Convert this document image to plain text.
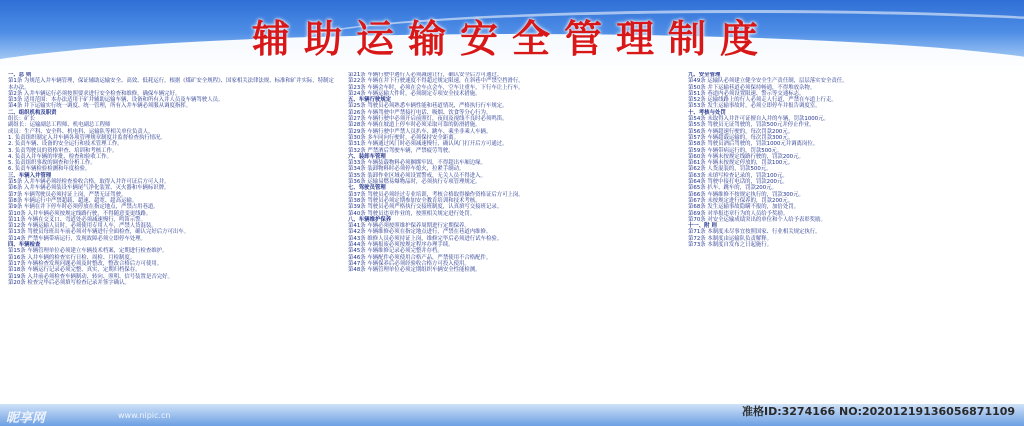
辅助运输安全管理制度

一、总 则

第1条 为规范入井车辆管理，保证辅助运输安全、高效、低耗运行，根据《煤矿安全规程》、国家相关法律法规、标准和矿井实际，特制定本办法。

第2条 入井车辆运行必须按照要求进行安全检查和维修，确保车辆完好。

第3条 适用范围：本办法适用于矿井辅助运输车辆、设备和所有入井人员及车辆驾驶人员。

第4条 井下运输实行统一调度、统一管理，所有入井车辆必须服从调度指挥。

二、组织机构及职责

组长：矿长

副组长：运输副总工程师、机电副总工程师

成员：生产科、安全科、机电科、运输队等相关单位负责人。

1. 负责组织制定入井车辆各项管理规章制度并监督检查执行情况。

2. 负责车辆、设备的安全运行和技术管理工作。

3. 负责驾驶员的资格审查、培训和考核工作。

4. 负责入井车辆的审批、检查和验收工作。

5. 负责组织事故的调查和分析工作。

6. 负责车辆检验检测和年度检验。

三、车辆入井管理

第5条 入井车辆必须经检查验收合格，取得入井许可证后方可入井。

第6条 入井车辆必须装设车辆尾气净化装置、灭火器和车辆标识牌。

第7条 车辆驾驶员必须持证上岗，严禁无证驾驶。

第8条 车辆运行中严禁超载、超速、超宽、超高运输。

第9条 车辆在井下停车时必须停放在指定地点，严禁占用巷道。

第10条 入井车辆必须按规定线路行驶，不得随意变更线路。

第11条 车辆在交叉口、弯道处必须减速慢行，鸣笛示警。

第12条 车辆运输人员时，必须使用专用人车，严禁人货混装。

第13条 驾驶员每班出车前必须对车辆进行全面检查，确认完好后方可出车。

第14条 严禁车辆带病运行，发现故障必须立即停车处理。

四、车辆检查

第15条 车辆管理单位必须建立车辆技术档案，定期进行检查维护。

第16条 入井车辆的检查实行日检、周检、月检制度。

第17条 车辆检查发现问题必须及时整改，整改合格后方可使用。

第18条 车辆运行记录必须完整、真实，定期归档保存。

第19条 入井前必须检查车辆制动、转向、照明、信号装置是否完好。

第20条 检查完毕后必须填写检查记录并签字确认。

第21条 车辆行驶中遇行人必须减速让行，确认安全后方可通过。

第22条 车辆在井下行驶速度不得超过规定限速，在斜巷中严禁空挡滑行。

第23条 车辆会车时，必须在会车点会车，空车让重车，下行车让上行车。

第24条 车辆运输大件时，必须制定专项安全技术措施。

五、车辆行驶规定

第25条 驾驶员必须熟悉车辆性能和巷道情况，严格执行行车规定。

第26条 车辆驾驶中严禁接打电话、吸烟、饮食等分心行为。

第27条 车辆行驶中必须开启前照灯，夜间及视线不良时必须鸣笛。

第28条 车辆在坡道上停车时必须采取可靠的防滑措施。

第29条 车辆行驶中严禁人员扒车、跳车、乘坐非乘人车辆。

第30条 多车同向行驶时，必须保持安全距离。

第31条 车辆通过风门时必须减速慢行，确认风门打开后方可通过。

第32条 严禁酒后驾驶车辆，严禁疲劳驾驶。

六、装卸车管理

第33条 车辆装载物料必须捆绑牢固，不得超出车厢边缘。

第34条 装卸物料时必须停车熄火，拉紧手制动。

第35条 装卸作业区域必须设置警戒，无关人员不得进入。

第36条 运输易燃易爆物品时，必须执行专项管理规定。

七、驾驶员管理

第37条 驾驶员必须经过专业培训，考核合格取得操作资格证后方可上岗。

第38条 驾驶员必须定期参加安全教育培训和技术考核。

第39条 驾驶员必须严格执行交接班制度，认真填写交接班记录。

第40条 驾驶员违章作业的，按照相关规定进行处罚。

八、车辆维护保养

第41条 车辆必须按照维护保养周期进行定期保养。

第42条 车辆维修必须在指定地点进行，严禁在巷道内维修。

第43条 维修人员必须持证上岗，维修完毕后必须进行试车检验。

第44条 车辆报废必须按规定程序办理手续。

第45条 车辆维修记录必须完整并存档。

第46条 车辆配件必须使用合格产品，严禁使用不合格配件。

第47条 车辆保养后必须经验收合格方可投入使用。

第48条 车辆管理单位必须定期组织车辆安全性能检测。

九、安全管理

第49条 运输队必须建立健全安全生产责任制，层层落实安全责任。

第50条 井下运输巷道必须保持畅通，不得堆放杂物。

第51条 巷道内必须设置限速、警示等交通标志。

第52条 运输线路上的行人必须走人行道，严禁在车道上行走。

第53条 发生运输事故时，必须立即停车并报告调度室。

十、考核与处罚

第54条 未取得入井许可证擅自入井的车辆，罚款1000元。

第55条 驾驶员无证驾驶的，罚款500元并停止作业。

第56条 车辆超速行驶的，每次罚款200元。

第57条 车辆超载运输的，每次罚款300元。

第58条 驾驶员酒后驾驶的，罚款1000元并调离岗位。

第59条 车辆带病运行的，罚款500元。

第60条 车辆未按规定线路行驶的，罚款200元。

第61条 车辆未按规定停放的，罚款100元。

第62条 人货混装的，罚款500元。

第63条 未填写检查记录的，罚款100元。

第64条 驾驶中接打电话的，罚款200元。

第65条 扒车、跳车的，罚款200元。

第66条 车辆维修不按规定执行的，罚款300元。

第67条 未按规定进行保养的，罚款200元。

第68条 发生运输事故隐瞒不报的，加倍处罚。

第69条 对举报违章行为的人员给予奖励。

第70条 对安全运输成绩突出的单位和个人给予表彰奖励。

十一、附 则

第71条 本制度未尽事宜按照国家、行业相关规定执行。

第72条 本制度由运输队负责解释。

第73条 本制度自发布之日起施行。

昵享网	www.nipic.cn	准格ID:3274166 NO:20201219136056871109
